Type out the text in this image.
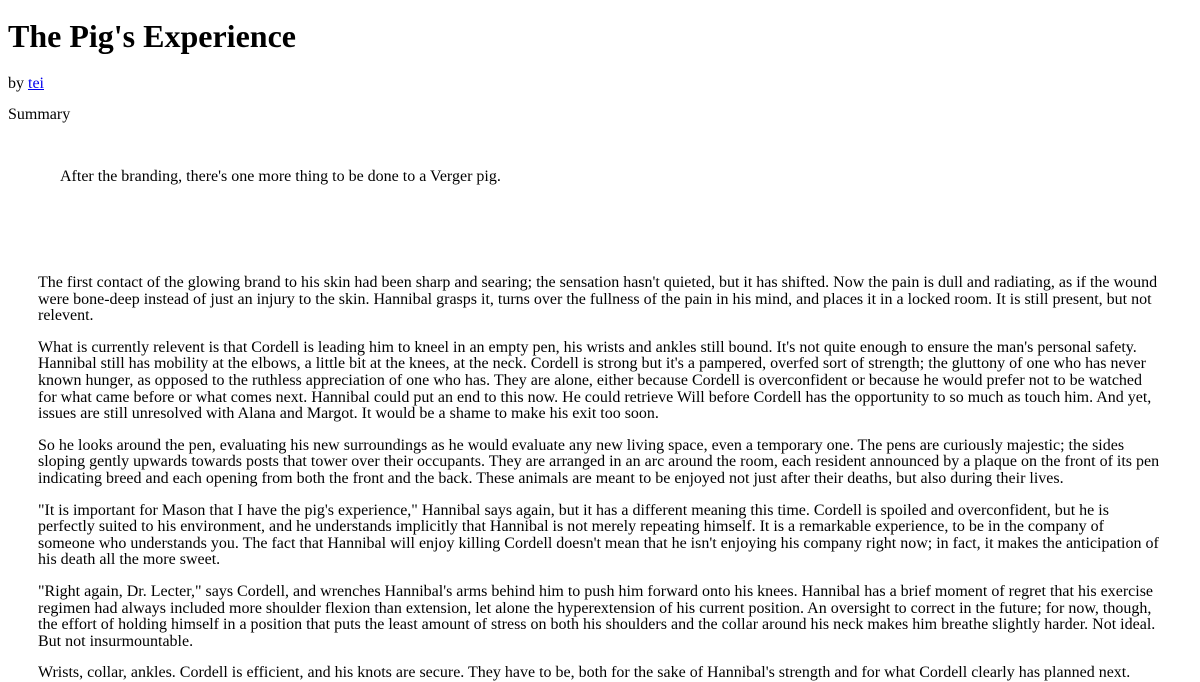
The Pig's Experience

by tei

Summary

After the branding, there's one more thing to be done to a Verger pig.

The first contact of the glowing brand to his skin had been sharp and searing; the sensation hasn't quieted, but it has shifted. Now the pain is dull and radiating, as if the wound were bone-deep instead of just an injury to the skin. Hannibal grasps it, turns over the fullness of the pain in his mind, and places it in a locked room. It is still present, but not relevent.

What is currently relevent is that Cordell is leading him to kneel in an empty pen, his wrists and ankles still bound. It's not quite enough to ensure the man's personal safety. Hannibal still has mobility at the elbows, a little bit at the knees, at the neck. Cordell is strong but it's a pampered, overfed sort of strength; the gluttony of one who has never known hunger, as opposed to the ruthless appreciation of one who has. They are alone, either because Cordell is overconfident or because he would prefer not to be watched for what came before or what comes next. Hannibal could put an end to this now. He could retrieve Will before Cordell has the opportunity to so much as touch him. And yet, issues are still unresolved with Alana and Margot. It would be a shame to make his exit too soon.

So he looks around the pen, evaluating his new surroundings as he would evaluate any new living space, even a temporary one. The pens are curiously majestic; the sides sloping gently upwards towards posts that tower over their occupants. They are arranged in an arc around the room, each resident announced by a plaque on the front of its pen indicating breed and each opening from both the front and the back. These animals are meant to be enjoyed not just after their deaths, but also during their lives.

"It is important for Mason that I have the pig's experience," Hannibal says again, but it has a different meaning this time. Cordell is spoiled and overconfident, but he is perfectly suited to his environment, and he understands implicitly that Hannibal is not merely repeating himself. It is a remarkable experience, to be in the company of someone who understands you. The fact that Hannibal will enjoy killing Cordell doesn't mean that he isn't enjoying his company right now; in fact, it makes the anticipation of his death all the more sweet.

"Right again, Dr. Lecter," says Cordell, and wrenches Hannibal's arms behind him to push him forward onto his knees. Hannibal has a brief moment of regret that his exercise regimen had always included more shoulder flexion than extension, let alone the hyperextension of his current position. An oversight to correct in the future; for now, though, the effort of holding himself in a position that puts the least amount of stress on both his shoulders and the collar around his neck makes him breathe slightly harder. Not ideal. But not insurmountable.

Wrists, collar, ankles. Cordell is efficient, and his knots are secure. They have to be, both for the sake of Hannibal's strength and for what Cordell clearly has planned next.
